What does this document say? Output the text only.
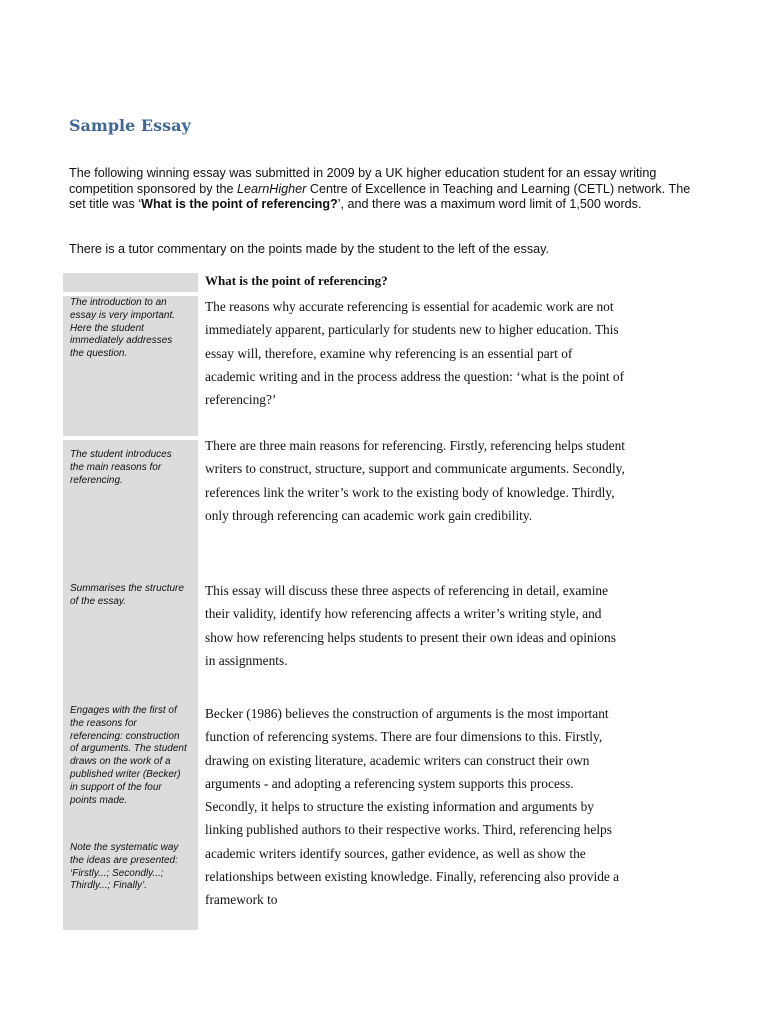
Sample Essay
The following winning essay was submitted in 2009 by a UK higher education student for an essay writing competition sponsored by the LearnHigher Centre of Excellence in Teaching and Learning (CETL) network. The set title was ‘What is the point of referencing?’, and there was a maximum word limit of 1,500 words.
There is a tutor commentary on the points made by the student to the left of the essay.
The introduction to an essay is very important. Here the student immediately addresses the question.
The student introduces the main reasons for referencing.
Summarises the structure of the essay.
Engages with the first of the reasons for referencing: construction of arguments. The student draws on the work of a published writer (Becker) in support of the four points made.
Note the systematic way the ideas are presented: ‘Firstly...; Secondly...; Thirdly...; Finally’.
What is the point of referencing?
The reasons why accurate referencing is essential for academic work are not immediately apparent, particularly for students new to higher education. This essay will, therefore, examine why referencing is an essential part of academic writing and in the process address the question: ‘what is the point of referencing?’
There are three main reasons for referencing. Firstly, referencing helps student writers to construct, structure, support and communicate arguments. Secondly, references link the writer’s work to the existing body of knowledge. Thirdly, only through referencing can academic work gain credibility.
This essay will discuss these three aspects of referencing in detail, examine their validity, identify how referencing affects a writer’s writing style, and show how referencing helps students to present their own ideas and opinions in assignments.
Becker (1986) believes the construction of arguments is the most important function of referencing systems. There are four dimensions to this. Firstly, drawing on existing literature, academic writers can construct their own arguments - and adopting a referencing system supports this process. Secondly, it helps to structure the existing information and arguments by linking published authors to their respective works. Third, referencing helps academic writers identify sources, gather evidence, as well as show the relationships between existing knowledge. Finally, referencing also provide a framework to
